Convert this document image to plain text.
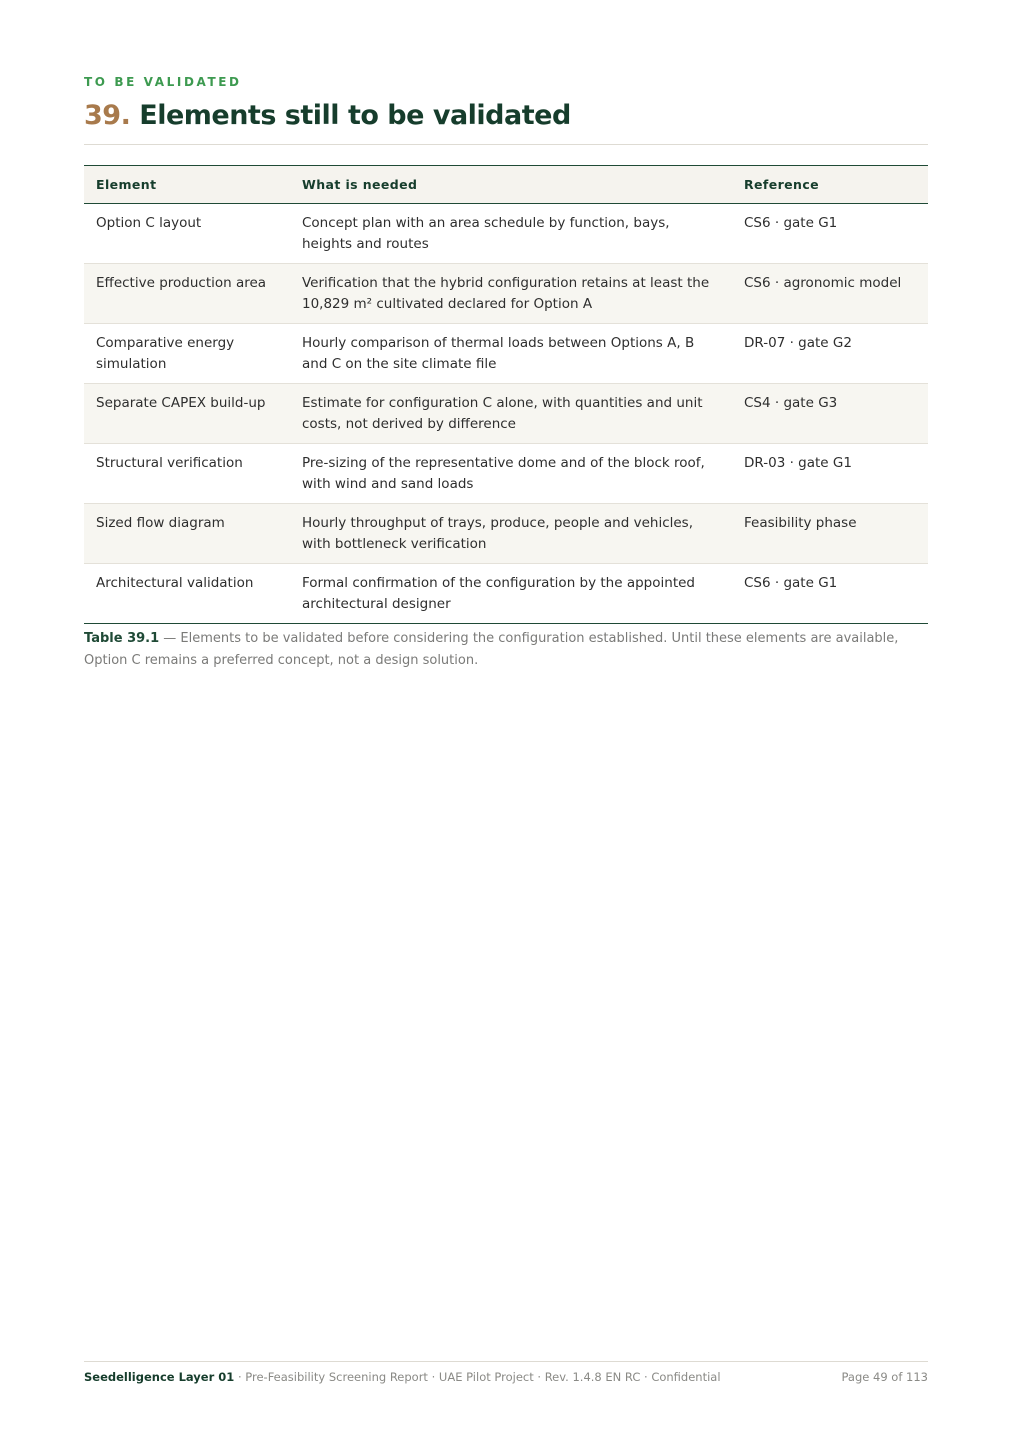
TO BE VALIDATED
39. Elements still to be validated
Element	What is needed	Reference
Option C layout	Concept plan with an area schedule by function, bays, heights and routes	CS6 · gate G1
Effective production area	Verification that the hybrid configuration retains at least the 10,829 m² cultivated declared for Option A	CS6 · agronomic model
Comparative energy simulation	Hourly comparison of thermal loads between Options A, B and C on the site climate file	DR-07 · gate G2
Separate CAPEX build-up	Estimate for configuration C alone, with quantities and unit costs, not derived by difference	CS4 · gate G3
Structural verification	Pre-sizing of the representative dome and of the block roof, with wind and sand loads	DR-03 · gate G1
Sized flow diagram	Hourly throughput of trays, produce, people and vehicles, with bottleneck verification	Feasibility phase
Architectural validation	Formal confirmation of the configuration by the appointed architectural designer	CS6 · gate G1
Table 39.1 — Elements to be validated before considering the configuration established. Until these elements are available, Option C remains a preferred concept, not a design solution.
Seedelligence Layer 01 · Pre-Feasibility Screening Report · UAE Pilot Project · Rev. 1.4.8 EN RC · Confidential	Page 49 of 113
